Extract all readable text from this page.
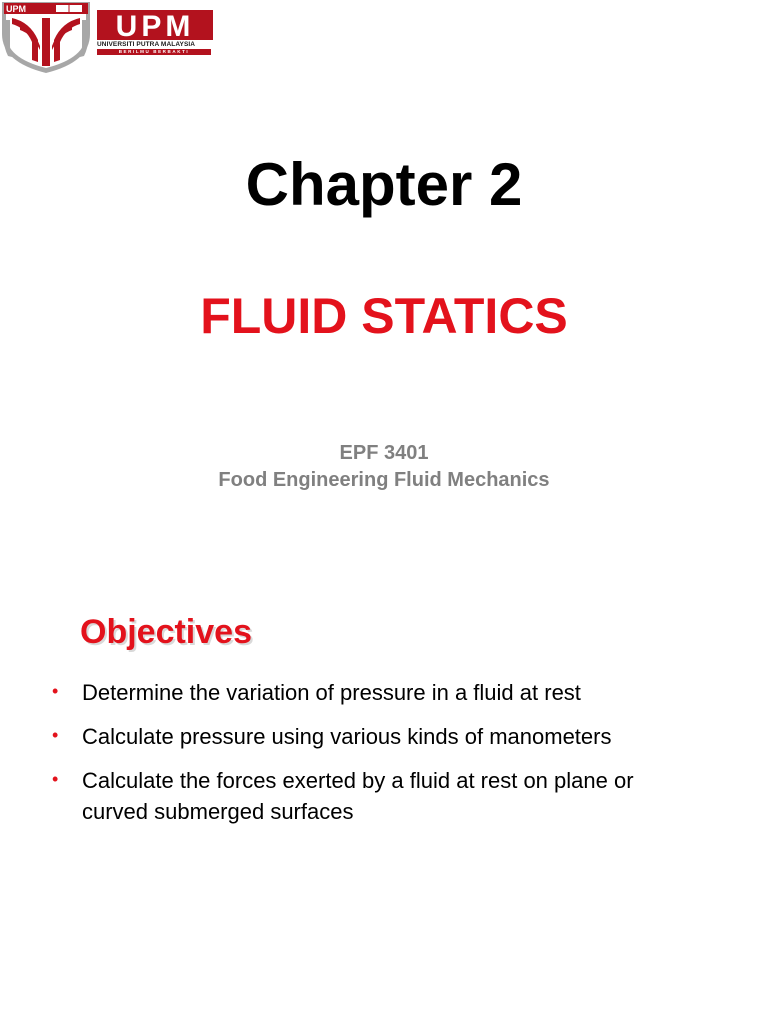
UPM
UPM
UNIVERSITI PUTRA MALAYSIA
BERILMU BERBAKTI
Chapter 2
FLUID STATICS
EPF 3401
Food Engineering Fluid Mechanics
Objectives
• Determine the variation of pressure in a fluid at rest
• Calculate pressure using various kinds of manometers
• Calculate the forces exerted by a fluid at rest on plane or curved submerged surfaces
